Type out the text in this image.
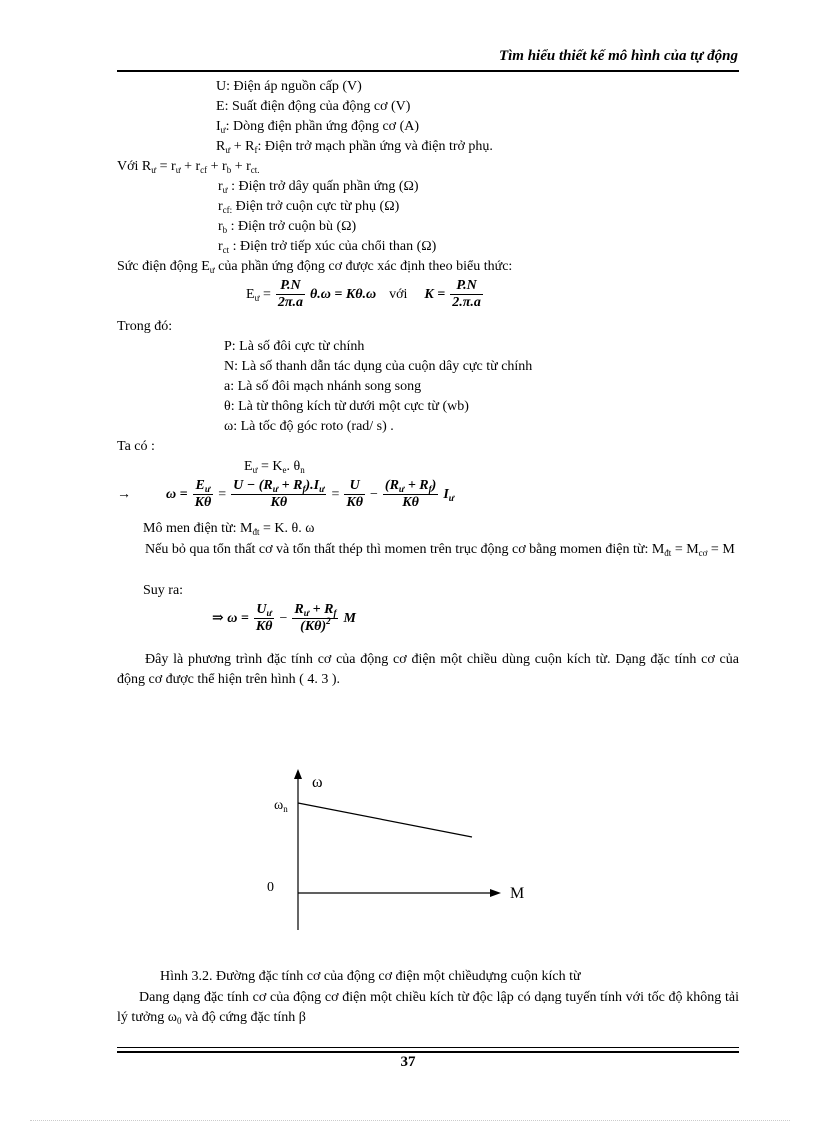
Tìm hiểu thiết kế mô hình của tự động
U: Điện áp nguồn cấp (V)
E: Suất điện động của động cơ (V)
$I_ư$: Dòng điện phần ứng động cơ (A)
$R_ư + R_f$: Điện trở mạch phần ứng và điện trở phụ.
Với $R_ư = r_ư + r_{cf} + r_b + r_{ct.}$
$r_ư$ : Điện trở dây quấn phần ứng (Ω)
$r_{cf:}$ Điện trở cuộn cực từ phụ (Ω)
$r_b$ : Điện trở cuộn bù (Ω)
$r_{ct}$ : Điện trở tiếp xúc của chổi than (Ω)
Sức điện động $E_ư$ của phần ứng động cơ được xác định theo biểu thức:
$E_ư = \frac{P.N}{2\pi.a} \theta.\omega = K\theta.\omega$ với $K = \frac{P.N}{2.\pi.a}$
Trong đó:
P: Là số đôi cực từ chính
N: Là số thanh dẫn tác dụng của cuộn dây cực từ chính
a: Là số đôi mạch nhánh song song
θ: Là từ thông kích từ dưới một cực từ (wb)
ω: Là tốc độ góc roto (rad/ s) .
Ta có :
$E_ư = K_e$. $\theta_n$
→	$\omega = \frac{E_ư}{K\theta} = \frac{U - (R_ư + R_f).I_ư}{K\theta} = \frac{U}{K\theta} - \frac{(R_ư + R_f)}{K\theta} I_ư$
Mô men điện từ: $M_{đt} = K$. θ. ω
Nếu bỏ qua tổn thất cơ và tổn thất thép thì momen trên trục động cơ bằng momen điện từ: $M_{đt} = M_{cơ} = M$
Suy ra:
⇒ $\omega = \frac{U_ư}{K\theta} - \frac{R_ư + R_f}{(K\theta)^2}$ M
Đây là phương trình đặc tính cơ của động cơ điện một chiều dùng cuộn kích từ. Dạng đặc tính cơ của động cơ được thể hiện trên hình ( 4. 3 ).
ω
M
0
$\omega_n$
Hình 3.2. Đường đặc tính cơ của động cơ điện một chiềudựng cuộn kích từ
Dang dạng đặc tính cơ của động cơ điện một chiều kích từ độc lập có dạng tuyến tính với tốc độ không tải lý tưởng $\omega_0$ và độ cứng đặc tính β
37
